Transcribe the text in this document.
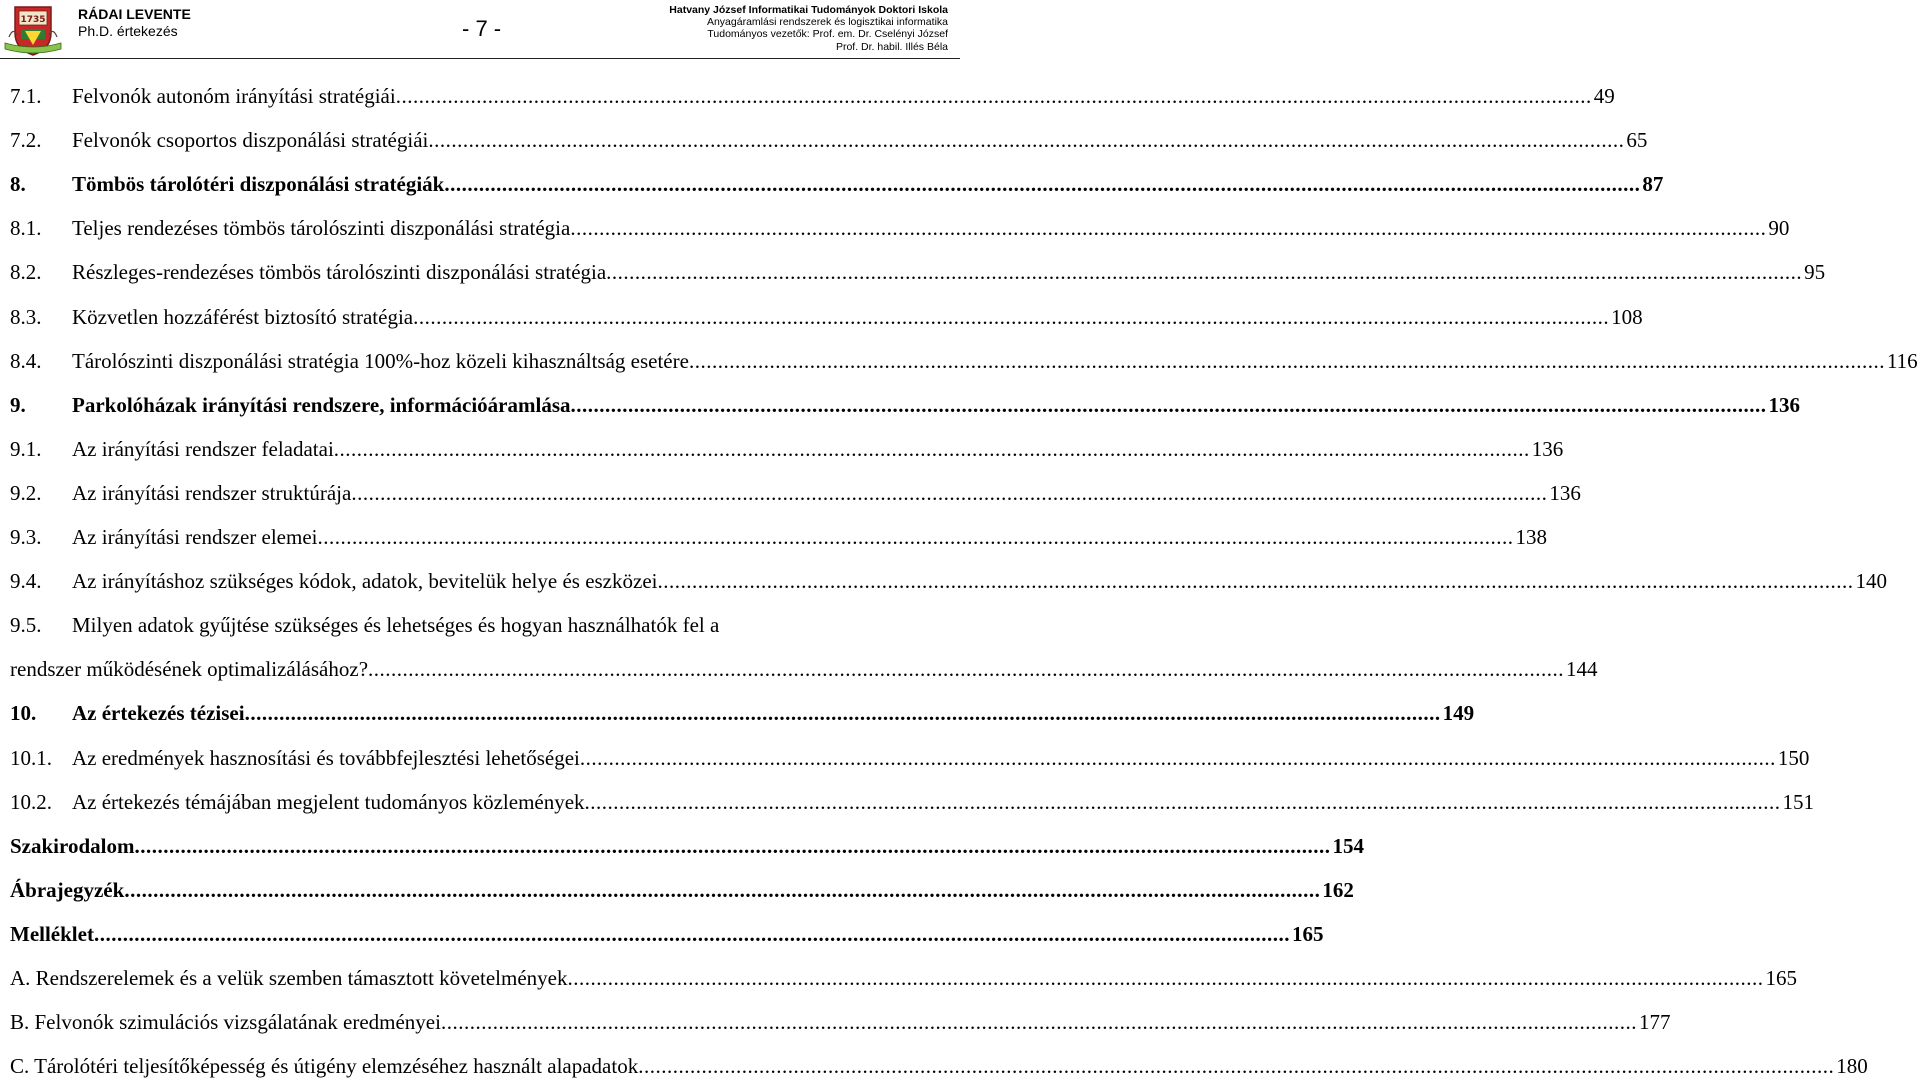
1735 RÁDAI LEVENTE
Ph.D. értekezés	- 7 -
Hatvany József Informatikai Tudományok Doktori Iskola
Anyagáramlási rendszerek és logisztikai informatika
Tudományos vezetők: Prof. em. Dr. Cselényi József
Prof. Dr. habil. Illés Béla
7.1.	Felvonók autonóm irányítási stratégiái .....	49
7.2.	Felvonók csoportos diszponálási stratégiái .....	65
8.	Tömbös tárolótéri diszponálási stratégiák .....	87
8.1.	Teljes rendezéses tömbös tárolószinti diszponálási stratégia .....	90
8.2.	Részleges-rendezéses tömbös tárolószinti diszponálási stratégia .....	95
8.3.	Közvetlen hozzáférést biztosító stratégia .....	108
8.4.	Tárolószinti diszponálási stratégia 100%-hoz közeli kihasználtság esetére .....	116
9.	Parkolóházak irányítási rendszere, információáramlása .....	136
9.1.	Az irányítási rendszer feladatai .....	136
9.2.	Az irányítási rendszer struktúrája .....	136
9.3.	Az irányítási rendszer elemei .....	138
9.4.	Az irányításhoz szükséges kódok, adatok, bevitelük helye és eszközei .....	140
9.5.	Milyen adatok gyűjtése szükséges és lehetséges és hogyan használhatók fel a
rendszer működésének optimalizálásához? .....	144
10.	Az értekezés tézisei .....	149
10.1. Az eredmények hasznosítási és továbbfejlesztési lehetőségei .....	150
10.2. Az értekezés témájában megjelent tudományos közlemények .....	151
Szakirodalom .....	154
Ábrajegyzék .....	162
Melléklet .....	165
A. Rendszerelemek és a velük szemben támasztott követelmények .....	165
B. Felvonók szimulációs vizsgálatának eredményei .....	177
C. Tárolótéri teljesítőképesség és útigény elemzéséhez használt alapadatok .....	180
